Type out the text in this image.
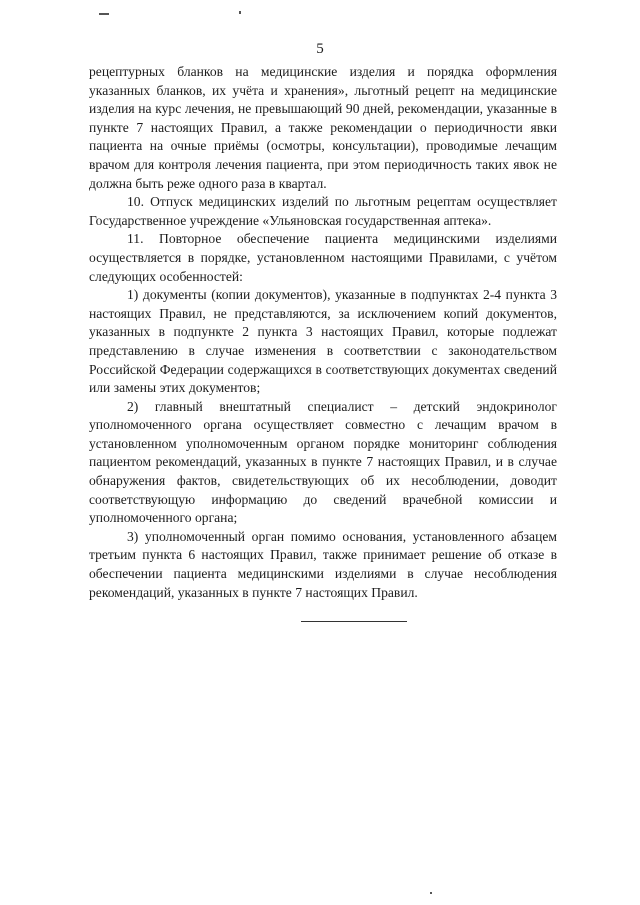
5

рецептурных бланков на медицинские изделия и порядка оформления указанных бланков, их учёта и хранения», льготный рецепт на медицинские изделия на курс лечения, не превышающий 90 дней, рекомендации, указанные в пункте 7 настоящих Правил, а также рекомендации о периодичности явки пациента на очные приёмы (осмотры, консультации), проводимые лечащим врачом для контроля лечения пациента, при этом периодичность таких явок не должна быть реже одного раза в квартал.

10. Отпуск медицинских изделий по льготным рецептам осуществляет Государственное учреждение «Ульяновская государственная аптека».

11. Повторное обеспечение пациента медицинскими изделиями осуществляется в порядке, установленном настоящими Правилами, с учётом следующих особенностей:

1) документы (копии документов), указанные в подпунктах 2-4 пункта 3 настоящих Правил, не представляются, за исключением копий документов, указанных в подпункте 2 пункта 3 настоящих Правил, которые подлежат представлению в случае изменения в соответствии с законодательством Российской Федерации содержащихся в соответствующих документах сведений или замены этих документов;

2) главный внештатный специалист – детский эндокринолог уполномоченного органа осуществляет совместно с лечащим врачом в установленном уполномоченным органом порядке мониторинг соблюдения пациентом рекомендаций, указанных в пункте 7 настоящих Правил, и в случае обнаружения фактов, свидетельствующих об их несоблюдении, доводит соответствующую информацию до сведений врачебной комиссии и уполномоченного органа;

3) уполномоченный орган помимо основания, установленного абзацем третьим пункта 6 настоящих Правил, также принимает решение об отказе в обеспечении пациента медицинскими изделиями в случае несоблюдения рекомендаций, указанных в пункте 7 настоящих Правил.
